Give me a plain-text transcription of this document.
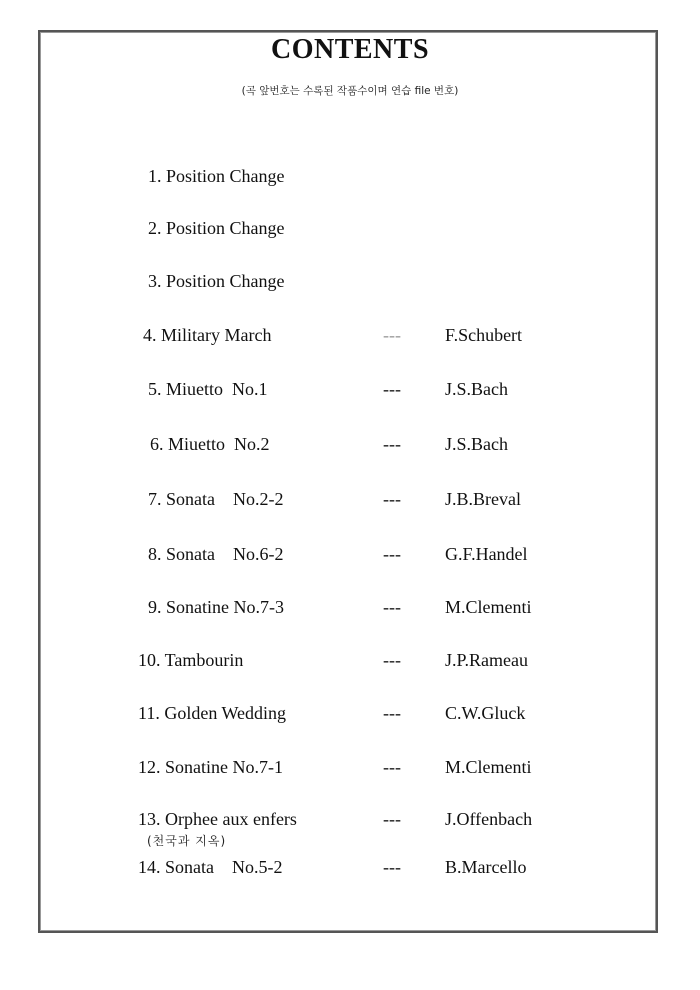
CONTENTS
(곡 앞번호는 수록된 작품수이며 연습 file 번호)
1. Position Change
2. Position Change
3. Position Change
4. Military March	--- F.Schubert
5. Miuetto  No.1	--- J.S.Bach
6. Miuetto  No.2	--- J.S.Bach
7. Sonata    No.2-2	--- J.B.Breval
8. Sonata    No.6-2	--- G.F.Handel
9. Sonatine No.7-3	--- M.Clementi
10. Tambourin	--- J.P.Rameau
11. Golden Wedding	--- C.W.Gluck
12. Sonatine No.7-1	--- M.Clementi
13. Orphee aux enfers	--- J.Offenbach
(천국과 지옥)
14. Sonata    No.5-2	--- B.Marcello
